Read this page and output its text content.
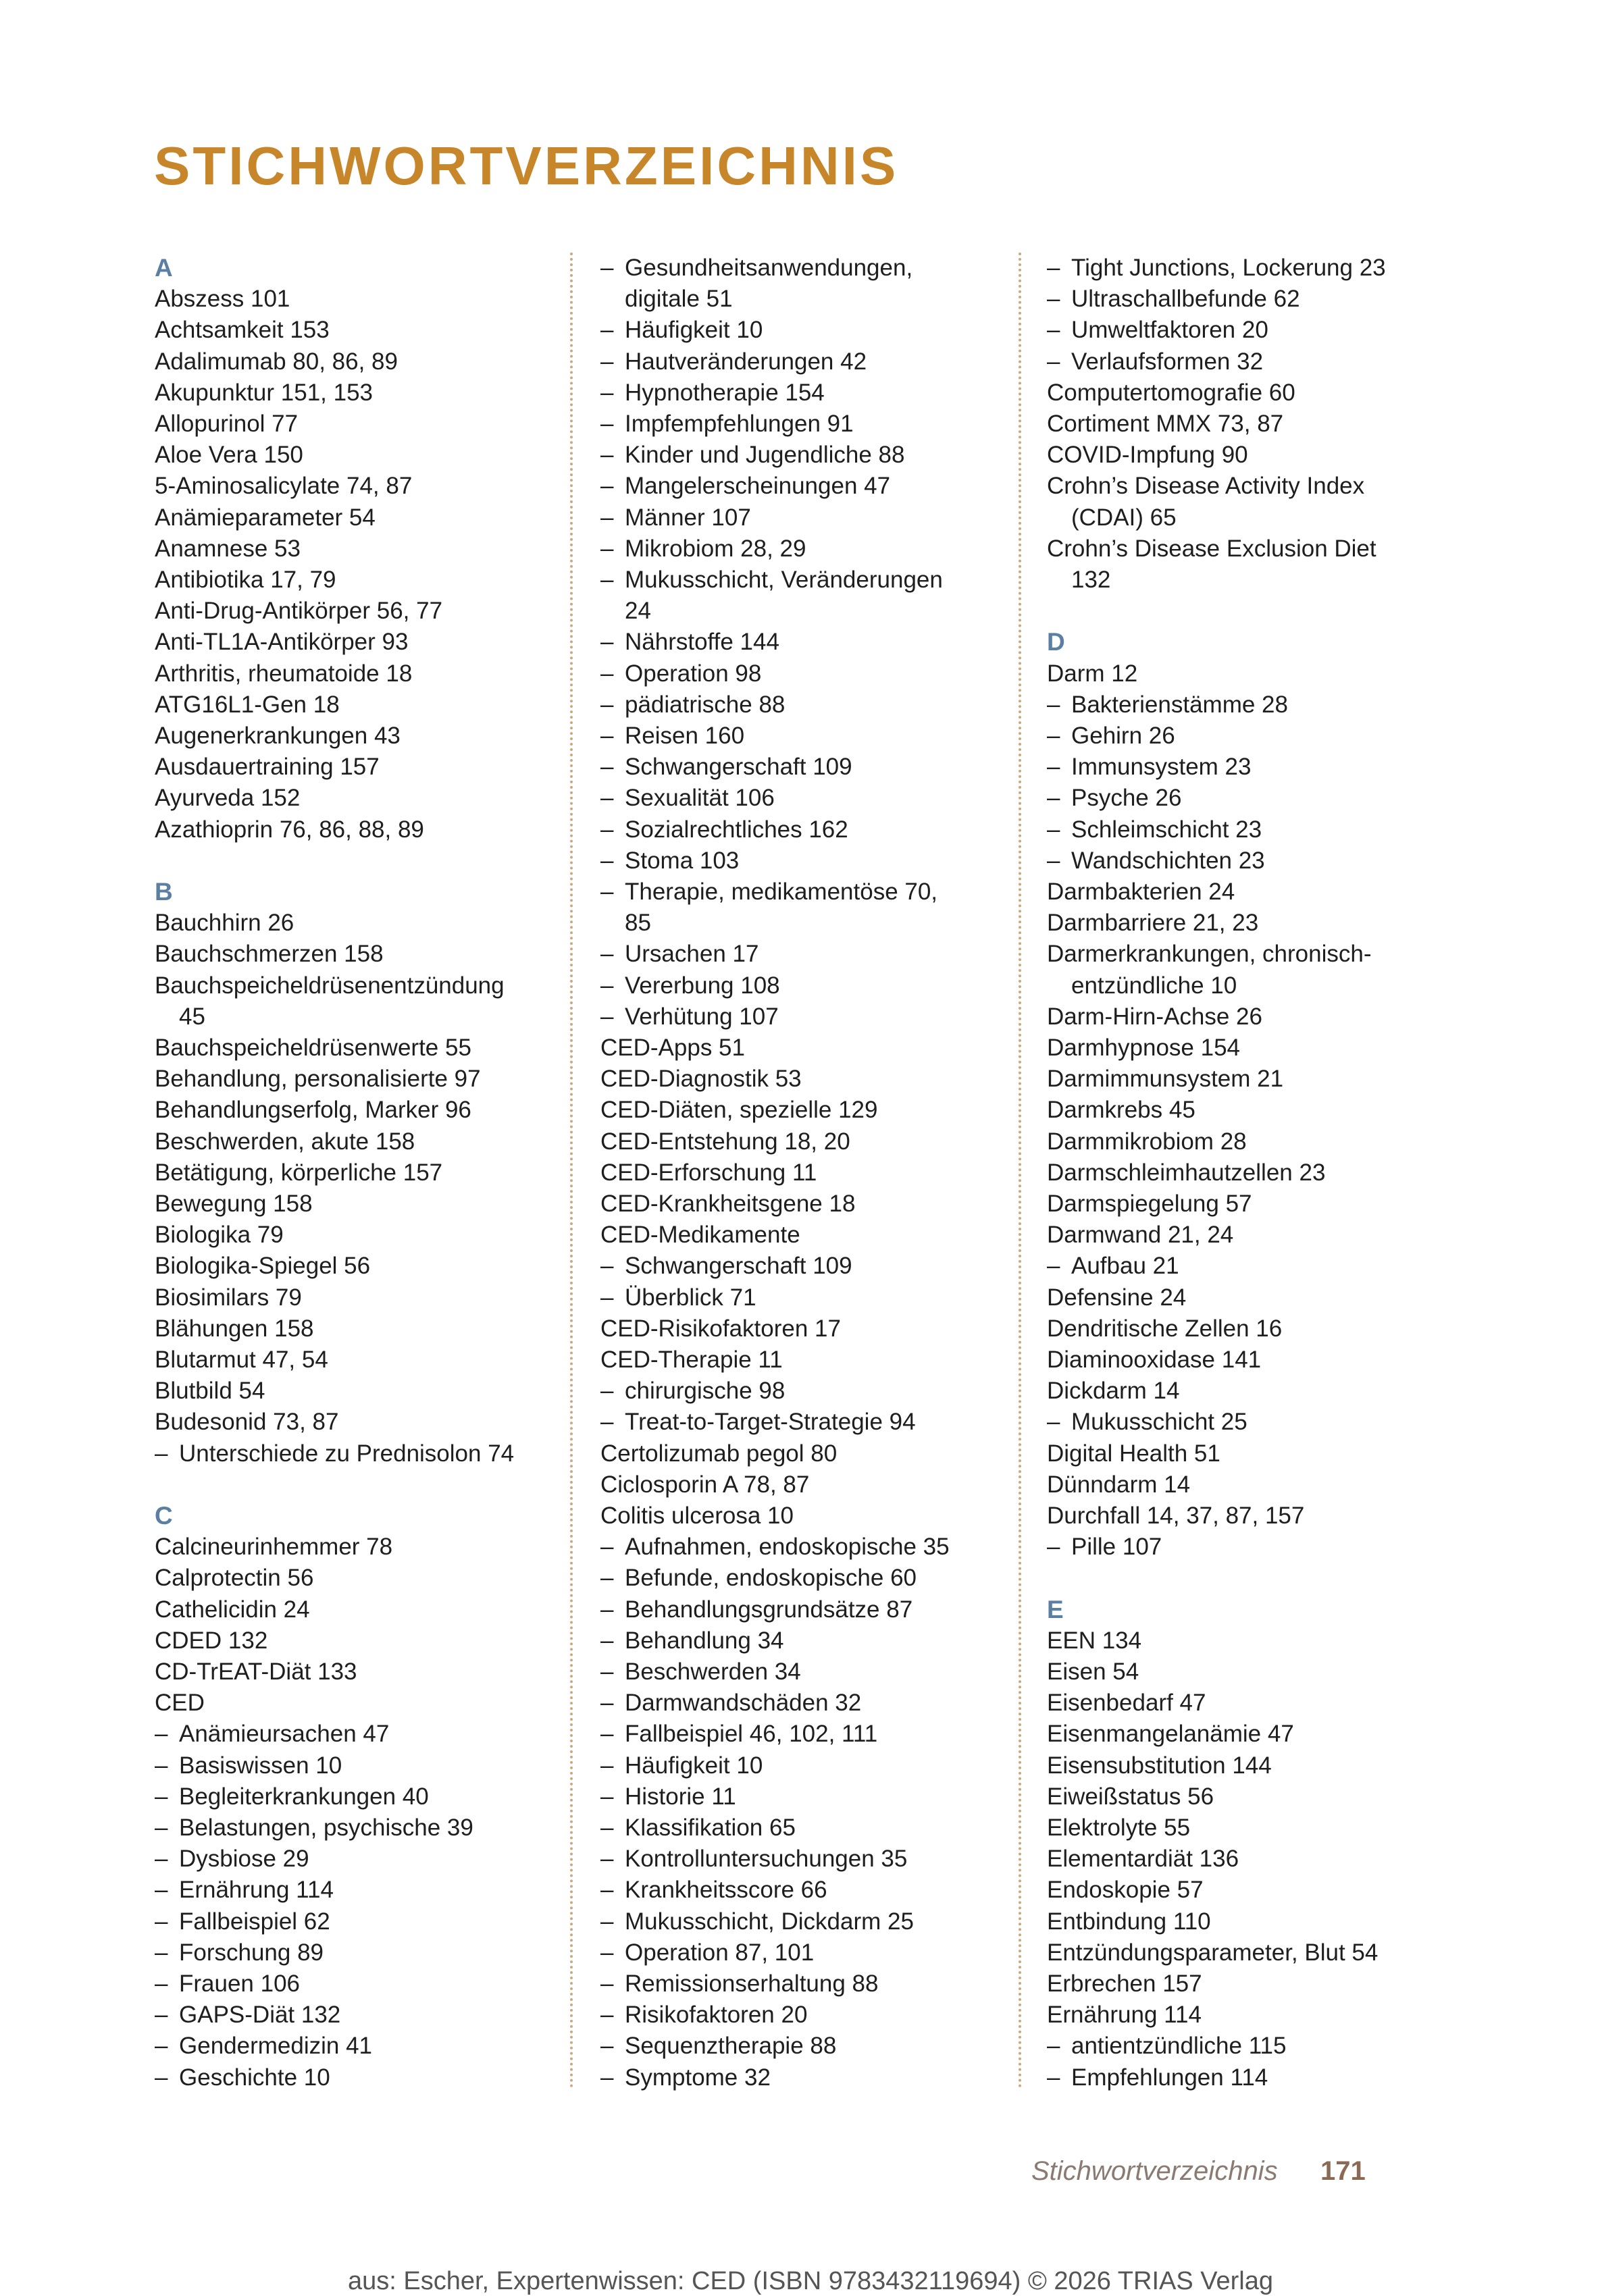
STICHWORTVERZEICHNIS
A
Abszess 101
Achtsamkeit 153
Adalimumab 80, 86, 89
Akupunktur 151, 153
Allopurinol 77
Aloe Vera 150
5-Aminosalicylate 74, 87
Anämieparameter 54
Anamnese 53
Antibiotika 17, 79
Anti-Drug-Antikörper 56, 77
Anti-TL1A-Antikörper 93
Arthritis, rheumatoide 18
ATG16L1-Gen 18
Augenerkrankungen 43
Ausdauertraining 157
Ayurveda 152
Azathioprin 76, 86, 88, 89
B
Bauchhirn 26
Bauchschmerzen 158
Bauchspeicheldrüsenentzündung
45
Bauchspeicheldrüsenwerte 55
Behandlung, personalisierte 97
Behandlungserfolg, Marker 96
Beschwerden, akute 158
Betätigung, körperliche 157
Bewegung 158
Biologika 79
Biologika-Spiegel 56
Biosimilars 79
Blähungen 158
Blutarmut 47, 54
Blutbild 54
Budesonid 73, 87
– Unterschiede zu Prednisolon 74
C
Calcineurinhemmer 78
Calprotectin 56
Cathelicidin 24
CDED 132
CD-TrEAT-Diät 133
CED
– Anämieursachen 47
– Basiswissen 10
– Begleiterkrankungen 40
– Belastungen, psychische 39
– Dysbiose 29
– Ernährung 114
– Fallbeispiel 62
– Forschung 89
– Frauen 106
– GAPS-Diät 132
– Gendermedizin 41
– Geschichte 10
– Gesundheitsanwendungen,
digitale 51
– Häufigkeit 10
– Hautveränderungen 42
– Hypnotherapie 154
– Impfempfehlungen 91
– Kinder und Jugendliche 88
– Mangelerscheinungen 47
– Männer 107
– Mikrobiom 28, 29
– Mukusschicht, Veränderungen
24
– Nährstoffe 144
– Operation 98
– pädiatrische 88
– Reisen 160
– Schwangerschaft 109
– Sexualität 106
– Sozialrechtliches 162
– Stoma 103
– Therapie, medikamentöse 70,
85
– Ursachen 17
– Vererbung 108
– Verhütung 107
CED-Apps 51
CED-Diagnostik 53
CED-Diäten, spezielle 129
CED-Entstehung 18, 20
CED-Erforschung 11
CED-Krankheitsgene 18
CED-Medikamente
– Schwangerschaft 109
– Überblick 71
CED-Risikofaktoren 17
CED-Therapie 11
– chirurgische 98
– Treat-to-Target-Strategie 94
Certolizumab pegol 80
Ciclosporin A 78, 87
Colitis ulcerosa 10
– Aufnahmen, endoskopische 35
– Befunde, endoskopische 60
– Behandlungsgrundsätze 87
– Behandlung 34
– Beschwerden 34
– Darmwandschäden 32
– Fallbeispiel 46, 102, 111
– Häufigkeit 10
– Historie 11
– Klassifikation 65
– Kontrolluntersuchungen 35
– Krankheitsscore 66
– Mukusschicht, Dickdarm 25
– Operation 87, 101
– Remissionserhaltung 88
– Risikofaktoren 20
– Sequenztherapie 88
– Symptome 32
– Tight Junctions, Lockerung 23
– Ultraschallbefunde 62
– Umweltfaktoren 20
– Verlaufsformen 32
Computertomografie 60
Cortiment MMX 73, 87
COVID-Impfung 90
Crohn’s Disease Activity Index
(CDAI) 65
Crohn’s Disease Exclusion Diet
132
D
Darm 12
– Bakterienstämme 28
– Gehirn 26
– Immunsystem 23
– Psyche 26
– Schleimschicht 23
– Wandschichten 23
Darmbakterien 24
Darmbarriere 21, 23
Darmerkrankungen, chronisch-
entzündliche 10
Darm-Hirn-Achse 26
Darmhypnose 154
Darmimmunsystem 21
Darmkrebs 45
Darmmikrobiom 28
Darmschleimhautzellen 23
Darmspiegelung 57
Darmwand 21, 24
– Aufbau 21
Defensine 24
Dendritische Zellen 16
Diaminooxidase 141
Dickdarm 14
– Mukusschicht 25
Digital Health 51
Dünndarm 14
Durchfall 14, 37, 87, 157
– Pille 107
E
EEN 134
Eisen 54
Eisenbedarf 47
Eisenmangelanämie 47
Eisensubstitution 144
Eiweißstatus 56
Elektrolyte 55
Elementardiät 136
Endoskopie 57
Entbindung 110
Entzündungsparameter, Blut 54
Erbrechen 157
Ernährung 114
– antientzündliche 115
– Empfehlungen 114
Stichwortverzeichnis 171
aus: Escher, Expertenwissen: CED (ISBN 9783432119694) © 2026 TRIAS Verlag
